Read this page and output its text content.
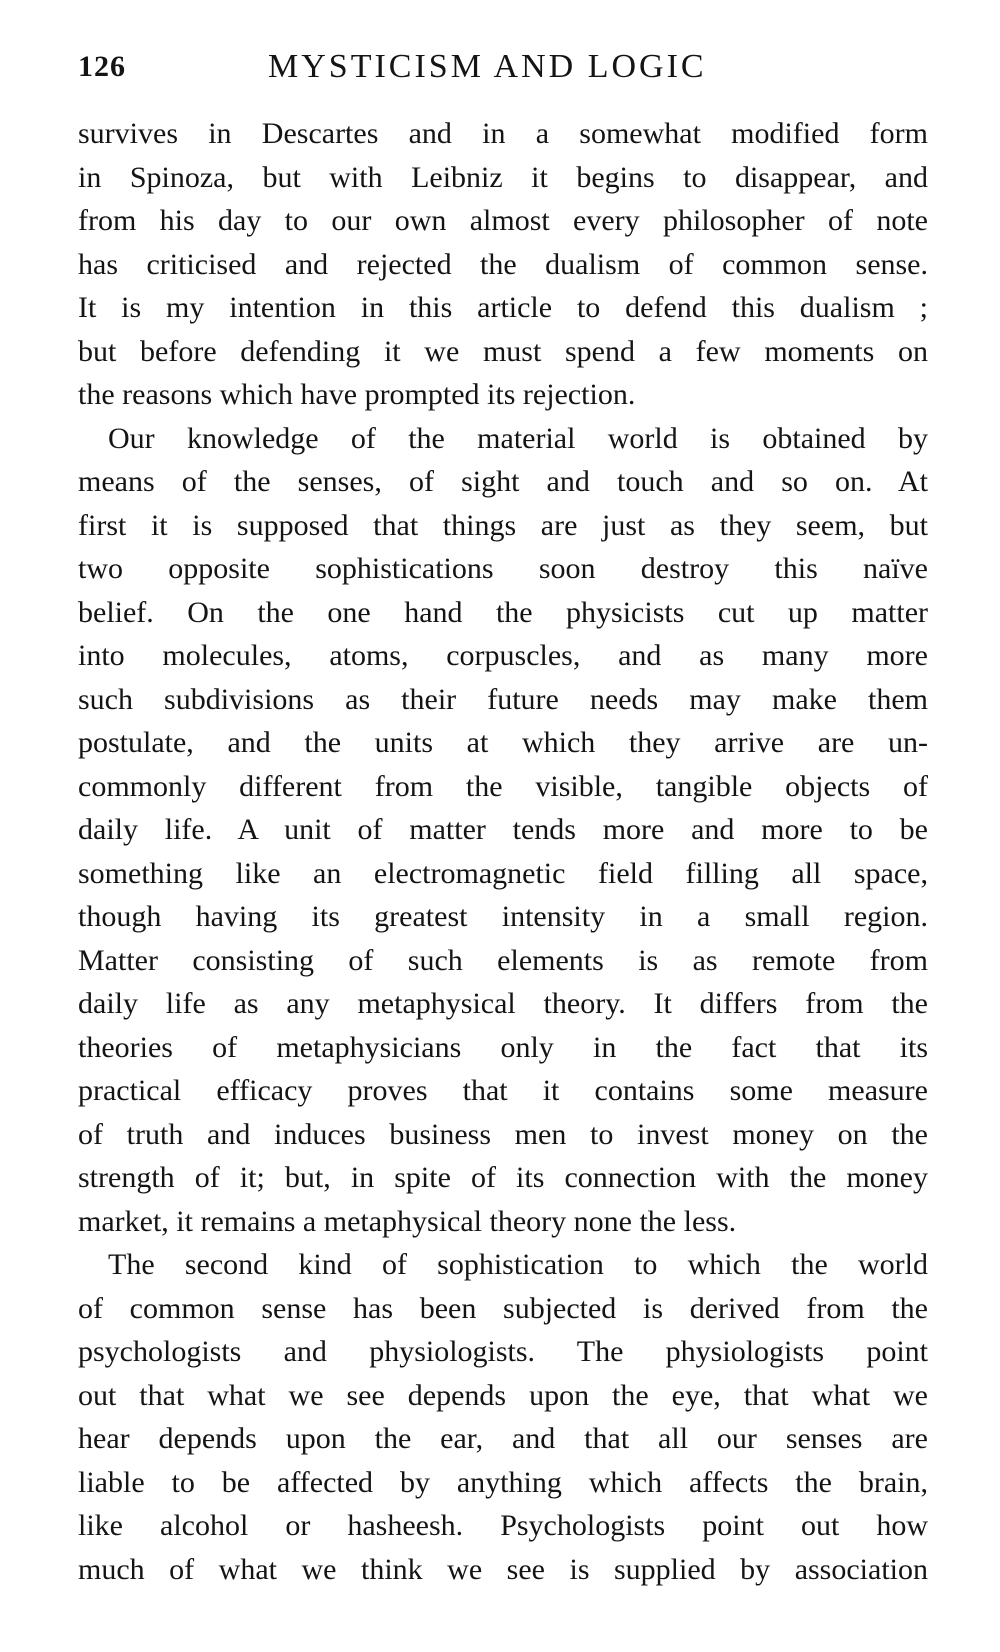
126	MYSTICISM AND LOGIC

survives in Descartes and in a somewhat modified form
in Spinoza, but with Leibniz it begins to disappear, and
from his day to our own almost every philosopher of note
has criticised and rejected the dualism of common sense.
It is my intention in this article to defend this dualism ;
but before defending it we must spend a few moments on
the reasons which have prompted its rejection.

Our knowledge of the material world is obtained by
means of the senses, of sight and touch and so on. At
first it is supposed that things are just as they seem, but
two opposite sophistications soon destroy this naïve
belief. On the one hand the physicists cut up matter
into molecules, atoms, corpuscles, and as many more
such subdivisions as their future needs may make them
postulate, and the units at which they arrive are un-
commonly different from the visible, tangible objects of
daily life. A unit of matter tends more and more to be
something like an electromagnetic field filling all space,
though having its greatest intensity in a small region.
Matter consisting of such elements is as remote from
daily life as any metaphysical theory. It differs from the
theories of metaphysicians only in the fact that its
practical efficacy proves that it contains some measure
of truth and induces business men to invest money on the
strength of it; but, in spite of its connection with the money
market, it remains a metaphysical theory none the less.

The second kind of sophistication to which the world
of common sense has been subjected is derived from the
psychologists and physiologists. The physiologists point
out that what we see depends upon the eye, that what we
hear depends upon the ear, and that all our senses are
liable to be affected by anything which affects the brain,
like alcohol or hasheesh. Psychologists point out how
much of what we think we see is supplied by association
